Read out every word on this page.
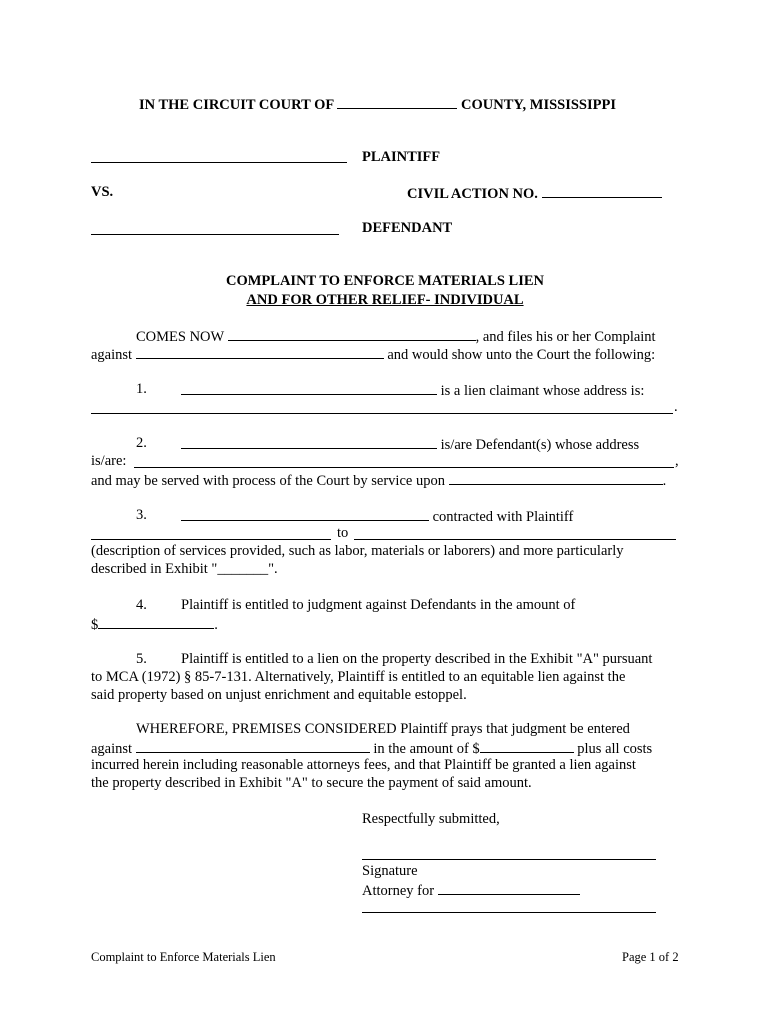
IN THE CIRCUIT COURT OF	COUNTY, MISSISSIPPI
PLAINTIFF
VS.	CIVIL ACTION NO.
DEFENDANT
COMPLAINT TO ENFORCE MATERIALS LIEN
AND FOR OTHER RELIEF- INDIVIDUAL
COMES NOW	, and files his or her Complaint
against	and would show unto the Court the following:
1.	is a lien claimant whose address is:
.
2.	is/are Defendant(s) whose address
is/are:	,
and may be served with process of the Court by service upon	.
3.	contracted with Plaintiff
to
(description of services provided, such as labor, materials or laborers) and more particularly
described in Exhibit "_______".
4. Plaintiff is entitled to judgment against Defendants in the amount of
$	.
5. Plaintiff is entitled to a lien on the property described in the Exhibit "A" pursuant
to MCA (1972) § 85-7-131. Alternatively, Plaintiff is entitled to an equitable lien against the
said property based on unjust enrichment and equitable estoppel.
WHEREFORE, PREMISES CONSIDERED Plaintiff prays that judgment be entered
against	in the amount of $	plus all costs
incurred herein including reasonable attorneys fees, and that Plaintiff be granted a lien against
the property described in Exhibit "A" to secure the payment of said amount.
Respectfully submitted,
Signature
Attorney for
Complaint to Enforce Materials Lien	Page 1 of 2
